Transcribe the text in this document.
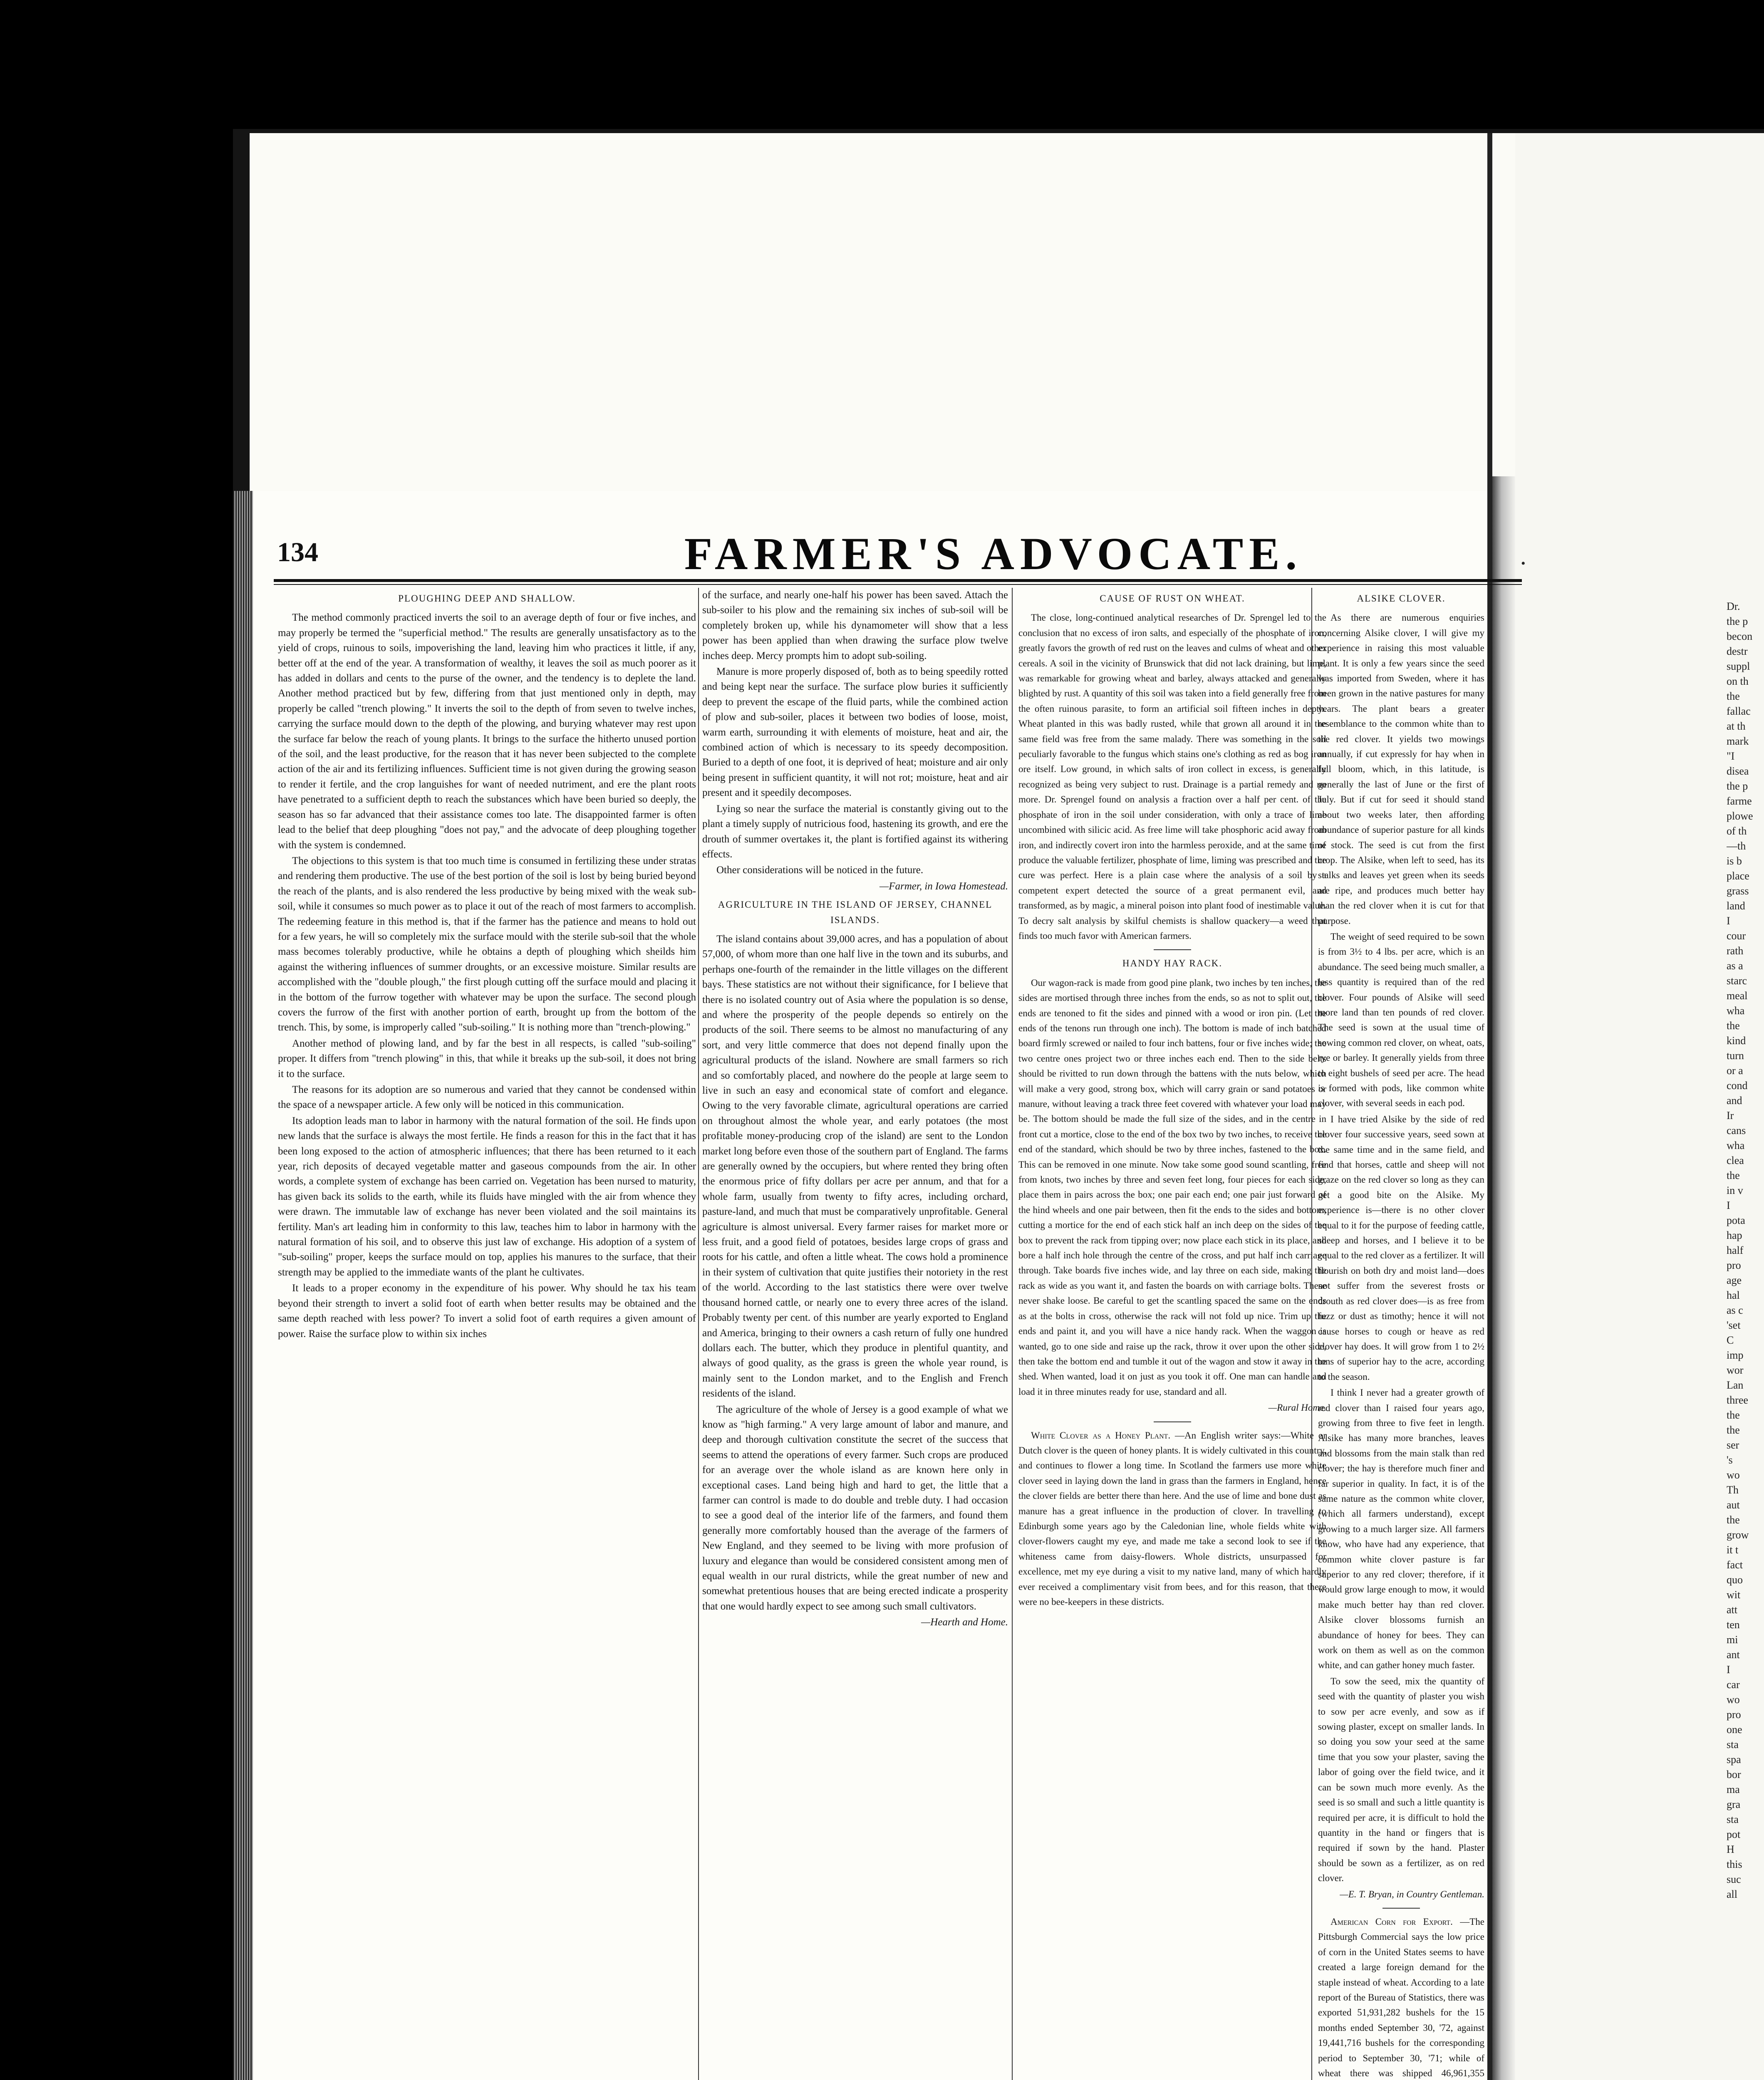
134	FARMER'S ADVOCATE.	•
PLOUGHING DEEP AND SHALLOW.

The method commonly practiced inverts the soil to an average depth of four or five inches, and may properly be termed the "superficial method." The results are generally unsatisfactory as to the yield of crops, ruinous to soils, impoverishing the land, leaving him who practices it little, if any, better off at the end of the year. A transformation of wealthy, it leaves the soil as much poorer as it has added in dollars and cents to the purse of the owner, and the tendency is to deplete the land. Another method practiced but by few, differing from that just mentioned only in depth, may properly be called "trench plowing." It inverts the soil to the depth of from seven to twelve inches, carrying the surface mould down to the depth of the plowing, and burying whatever may rest upon the surface far below the reach of young plants. It brings to the surface the hitherto unused portion of the soil, and the least productive, for the reason that it has never been subjected to the complete action of the air and its fertilizing influences. Sufficient time is not given during the growing season to render it fertile, and the crop languishes for want of needed nutriment, and ere the plant roots have penetrated to a sufficient depth to reach the substances which have been buried so deeply, the season has so far advanced that their assistance comes too late. The disappointed farmer is often lead to the belief that deep ploughing "does not pay," and the advocate of deep ploughing together with the system is condemned.

The objections to this system is that too much time is consumed in fertilizing these under stratas and rendering them productive. The use of the best portion of the soil is lost by being buried beyond the reach of the plants, and is also rendered the less productive by being mixed with the weak sub-soil, while it consumes so much power as to place it out of the reach of most farmers to accomplish. The redeeming feature in this method is, that if the farmer has the patience and means to hold out for a few years, he will so completely mix the surface mould with the sterile sub-soil that the whole mass becomes tolerably productive, while he obtains a depth of ploughing which sheilds him against the withering influences of summer droughts, or an excessive moisture. Similar results are accomplished with the "double plough," the first plough cutting off the surface mould and placing it in the bottom of the furrow together with whatever may be upon the surface. The second plough covers the furrow of the first with another portion of earth, brought up from the bottom of the trench. This, by some, is improperly called "sub-soiling." It is nothing more than "trench-plowing."

Another method of plowing land, and by far the best in all respects, is called "sub-soiling" proper. It differs from "trench plowing" in this, that while it breaks up the sub-soil, it does not bring it to the surface.

The reasons for its adoption are so numerous and varied that they cannot be condensed within the space of a newspaper article. A few only will be noticed in this communication.

Its adoption leads man to labor in harmony with the natural formation of the soil. He finds upon new lands that the surface is always the most fertile. He finds a reason for this in the fact that it has been long exposed to the action of atmospheric influences; that there has been returned to it each year, rich deposits of decayed vegetable matter and gaseous compounds from the air. In other words, a complete system of exchange has been carried on. Vegetation has been nursed to maturity, has given back its solids to the earth, while its fluids have mingled with the air from whence they were drawn. The immutable law of exchange has never been violated and the soil maintains its fertility. Man's art leading him in conformity to this law, teaches him to labor in harmony with the natural formation of his soil, and to observe this just law of exchange. His adoption of a system of "sub-soiling" proper, keeps the surface mould on top, applies his manures to the surface, that their strength may be applied to the immediate wants of the plant he cultivates.

It leads to a proper economy in the expenditure of his power. Why should he tax his team beyond their strength to invert a solid foot of earth when better results may be obtained and the same depth reached with less power? To invert a solid foot of earth requires a given amount of power. Raise the surface plow to within six inches

of the surface, and nearly one-half his power has been saved. Attach the sub-soiler to his plow and the remaining six inches of sub-soil will be completely broken up, while his dynamometer will show that a less power has been applied than when drawing the surface plow twelve inches deep. Mercy prompts him to adopt sub-soiling.

Manure is more properly disposed of, both as to being speedily rotted and being kept near the surface. The surface plow buries it sufficiently deep to prevent the escape of the fluid parts, while the combined action of plow and sub-soiler, places it between two bodies of loose, moist, warm earth, surrounding it with elements of moisture, heat and air, the combined action of which is necessary to its speedy decomposition. Buried to a depth of one foot, it is deprived of heat; moisture and air only being present in sufficient quantity, it will not rot; moisture, heat and air present and it speedily decomposes.

Lying so near the surface the material is constantly giving out to the plant a timely supply of nutricious food, hastening its growth, and ere the drouth of summer overtakes it, the plant is fortified against its withering effects.

Other considerations will be noticed in the future.

—Farmer, in Iowa Homestead.

AGRICULTURE IN THE ISLAND OF JERSEY, CHANNEL ISLANDS.

The island contains about 39,000 acres, and has a population of about 57,000, of whom more than one half live in the town and its suburbs, and perhaps one-fourth of the remainder in the little villages on the different bays. These statistics are not without their significance, for I believe that there is no isolated country out of Asia where the population is so dense, and where the prosperity of the people depends so entirely on the products of the soil. There seems to be almost no manufacturing of any sort, and very little commerce that does not depend finally upon the agricultural products of the island. Nowhere are small farmers so rich and so comfortably placed, and nowhere do the people at large seem to live in such an easy and economical state of comfort and elegance. Owing to the very favorable climate, agricultural operations are carried on throughout almost the whole year, and early potatoes (the most profitable money-producing crop of the island) are sent to the London market long before even those of the southern part of England. The farms are generally owned by the occupiers, but where rented they bring often the enormous price of fifty dollars per acre per annum, and that for a whole farm, usually from twenty to fifty acres, including orchard, pasture-land, and much that must be comparatively unprofitable. General agriculture is almost universal. Every farmer raises for market more or less fruit, and a good field of potatoes, besides large crops of grass and roots for his cattle, and often a little wheat. The cows hold a prominence in their system of cultivation that quite justifies their notoriety in the rest of the world. According to the last statistics there were over twelve thousand horned cattle, or nearly one to every three acres of the island. Probably twenty per cent. of this number are yearly exported to England and America, bringing to their owners a cash return of fully one hundred dollars each. The butter, which they produce in plentiful quantity, and always of good quality, as the grass is green the whole year round, is mainly sent to the London market, and to the English and French residents of the island.

The agriculture of the whole of Jersey is a good example of what we know as "high farming." A very large amount of labor and manure, and deep and thorough cultivation constitute the secret of the success that seems to attend the operations of every farmer. Such crops are produced for an average over the whole island as are known here only in exceptional cases. Land being high and hard to get, the little that a farmer can control is made to do double and treble duty. I had occasion to see a good deal of the interior life of the farmers, and found them generally more comfortably housed than the average of the farmers of New England, and they seemed to be living with more profusion of luxury and elegance than would be considered consistent among men of equal wealth in our rural districts, while the great number of new and somewhat pretentious houses that are being erected indicate a prosperity that one would hardly expect to see among such small cultivators.

—Hearth and Home.

CAUSE OF RUST ON WHEAT.

The close, long-continued analytical researches of Dr. Sprengel led to the conclusion that no excess of iron salts, and especially of the phosphate of iron, greatly favors the growth of red rust on the leaves and culms of wheat and other cereals. A soil in the vicinity of Brunswick that did not lack draining, but lime, was remarkable for growing wheat and barley, always attacked and generally blighted by rust. A quantity of this soil was taken into a field generally free from the often ruinous parasite, to form an artificial soil fifteen inches in depth. Wheat planted in this was badly rusted, while that grown all around it in the same field was free from the same malady. There was something in the soil peculiarly favorable to the fungus which stains one's clothing as red as bog iron ore itself. Low ground, in which salts of iron collect in excess, is generally recognized as being very subject to rust. Drainage is a partial remedy and no more. Dr. Sprengel found on analysis a fraction over a half per cent. of the phosphate of iron in the soil under consideration, with only a trace of lime uncombined with silicic acid. As free lime will take phosphoric acid away from iron, and indirectly covert iron into the harmless peroxide, and at the same time produce the valuable fertilizer, phosphate of lime, liming was prescribed and the cure was perfect. Here is a plain case where the analysis of a soil by a competent expert detected the source of a great permanent evil, and transformed, as by magic, a mineral poison into plant food of inestimable value. To decry salt analysis by skilful chemists is shallow quackery—a weed that finds too much favor with American farmers.

HANDY HAY RACK.

Our wagon-rack is made from good pine plank, two inches by ten inches, the sides are mortised through three inches from the ends, so as not to split out, the ends are tenoned to fit the sides and pinned with a wood or iron pin. (Let the ends of the tenons run through one inch). The bottom is made of inch batched board firmly screwed or nailed to four inch battens, four or five inches wide; the two centre ones project two or three inches each end. Then to the side belts should be rivitted to run down through the battens with the nuts below, which will make a very good, strong box, which will carry grain or sand potatoes or manure, without leaving a track three feet covered with whatever your load may be. The bottom should be made the full size of the sides, and in the centre in front cut a mortice, close to the end of the box two by two inches, to receive the end of the standard, which should be two by three inches, fastened to the box. This can be removed in one minute. Now take some good sound scantling, free from knots, two inches by three and seven feet long, four pieces for each side, place them in pairs across the box; one pair each end; one pair just forward of the hind wheels and one pair between, then fit the ends to the sides and bottom, cutting a mortice for the end of each stick half an inch deep on the sides of the box to prevent the rack from tipping over; now place each stick in its place, and bore a half inch hole through the centre of the cross, and put half inch carriage through. Take boards five inches wide, and lay three on each side, making the rack as wide as you want it, and fasten the boards on with carriage bolts. These never shake loose. Be careful to get the scantling spaced the same on the ends as at the bolts in cross, otherwise the rack will not fold up nice. Trim up the ends and paint it, and you will have a nice handy rack. When the waggon is wanted, go to one side and raise up the rack, throw it over upon the other side, then take the bottom end and tumble it out of the wagon and stow it away in the shed. When wanted, load it on just as you took it off. One man can handle and load it in three minutes ready for use, standard and all.

—Rural Home.

White Clover as a Honey Plant. —An English writer says:—White or Dutch clover is the queen of honey plants. It is widely cultivated in this country, and continues to flower a long time. In Scotland the farmers use more white clover seed in laying down the land in grass than the farmers in England, hence the clover fields are better there than here. And the use of lime and bone dust as manure has a great influence in the production of clover. In travelling to Edinburgh some years ago by the Caledonian line, whole fields white with clover-flowers caught my eye, and made me take a second look to see if the whiteness came from daisy-flowers. Whole districts, unsurpassed for excellence, met my eye during a visit to my native land, many of which hardly ever received a complimentary visit from bees, and for this reason, that there were no bee-keepers in these districts.

ALSIKE CLOVER.

As there are numerous enquiries concerning Alsike clover, I will give my experience in raising this most valuable plant. It is only a few years since the seed was imported from Sweden, where it has been grown in the native pastures for many years. The plant bears a greater resemblance to the common white than to the red clover. It yields two mowings annually, if cut expressly for hay when in full bloom, which, in this latitude, is generally the last of June or the first of July. But if cut for seed it should stand about two weeks later, then affording abundance of superior pasture for all kinds of stock. The seed is cut from the first crop. The Alsike, when left to seed, has its stalks and leaves yet green when its seeds are ripe, and produces much better hay than the red clover when it is cut for that purpose.

The weight of seed required to be sown is from 3½ to 4 lbs. per acre, which is an abundance. The seed being much smaller, a less quantity is required than of the red clover. Four pounds of Alsike will seed more land than ten pounds of red clover. The seed is sown at the usual time of sowing common red clover, on wheat, oats, rye or barley. It generally yields from three to eight bushels of seed per acre. The head is formed with pods, like common white clover, with several seeds in each pod.

I have tried Alsike by the side of red clover four successive years, seed sown at the same time and in the same field, and find that horses, cattle and sheep will not graze on the red clover so long as they can get a good bite on the Alsike. My experience is—there is no other clover equal to it for the purpose of feeding cattle, sheep and horses, and I believe it to be equal to the red clover as a fertilizer. It will flourish on both dry and moist land—does not suffer from the severest frosts or drouth as red clover does—is as free from fuzz or dust as timothy; hence it will not cause horses to cough or heave as red clover hay does. It will grow from 1 to 2½ tons of superior hay to the acre, according to the season.

I think I never had a greater growth of red clover than I raised four years ago, growing from three to five feet in length. Alsike has many more branches, leaves and blossoms from the main stalk than red clover; the hay is therefore much finer and far superior in quality. In fact, it is of the same nature as the common white clover, (which all farmers understand), except growing to a much larger size. All farmers know, who have had any experience, that common white clover pasture is far superior to any red clover; therefore, if it would grow large enough to mow, it would make much better hay than red clover. Alsike clover blossoms furnish an abundance of honey for bees. They can work on them as well as on the common white, and can gather honey much faster.

To sow the seed, mix the quantity of seed with the quantity of plaster you wish to sow per acre evenly, and sow as if sowing plaster, except on smaller lands. In so doing you sow your seed at the same time that you sow your plaster, saving the labor of going over the field twice, and it can be sown much more evenly. As the seed is so small and such a little quantity is required per acre, it is difficult to hold the quantity in the hand or fingers that is required if sown by the hand. Plaster should be sown as a fertilizer, as on red clover.

—E. T. Bryan, in Country Gentleman.

American Corn for Export. —The Pittsburgh Commercial says the low price of corn in the United States seems to have created a large foreign demand for the staple instead of wheat. According to a late report of the Bureau of Statistics, there was exported 51,931,282 bushels for the 15 months ended September 30, '72, against 19,441,716 bushels for the corresponding period to September 30, '71; while of wheat there was shipped 46,961,355

Dr.
the p
becon
destr
suppl
on th
the
fallac
at th
mark
"I
disea
the p
farme
plowe
of th
—th
is b
place
grass
land
I
cour
rath
as a
starc
meal
wha
the
kind
turn
or a
cond
and
Ir
cans
wha
clea
the
in v
I
pota
hap
half
pro
age
hal
as c
'set
C
imp
wor
Lan
three
the
the
ser
's
wo
Th
aut
the
grow
it t
fact
quo
wit
att
ten
mi
ant
I
car
wo
pro
one
sta
spa
bor
ma
gra
sta
pot
H
this
suc
all
